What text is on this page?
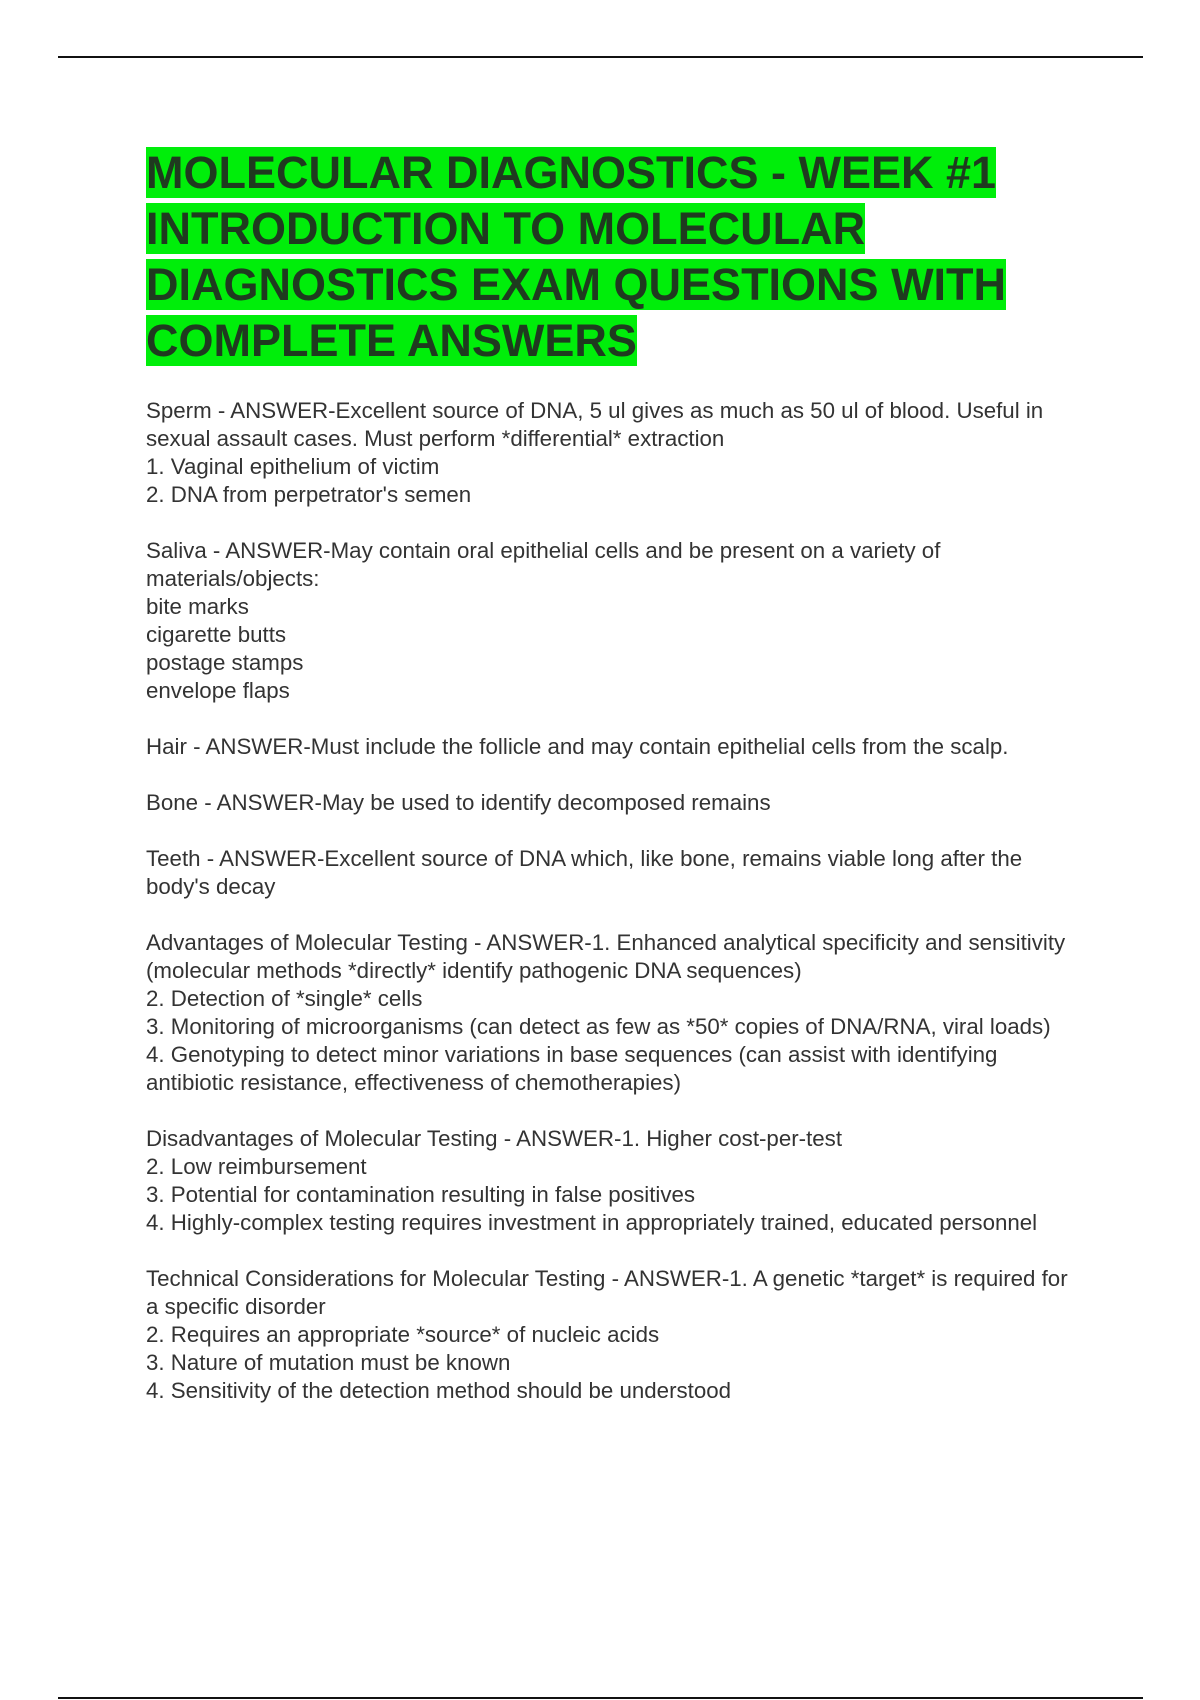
MOLECULAR DIAGNOSTICS - WEEK #1 INTRODUCTION TO MOLECULAR DIAGNOSTICS EXAM QUESTIONS WITH COMPLETE ANSWERS

Sperm - ANSWER-Excellent source of DNA, 5 ul gives as much as 50 ul of blood. Useful in sexual assault cases. Must perform *differential* extraction

1. Vaginal epithelium of victim

2. DNA from perpetrator's semen

Saliva - ANSWER-May contain oral epithelial cells and be present on a variety of materials/objects:

bite marks

cigarette butts

postage stamps

envelope flaps

Hair - ANSWER-Must include the follicle and may contain epithelial cells from the scalp.

Bone - ANSWER-May be used to identify decomposed remains

Teeth - ANSWER-Excellent source of DNA which, like bone, remains viable long after the body's decay

Advantages of Molecular Testing - ANSWER-1. Enhanced analytical specificity and sensitivity (molecular methods *directly* identify pathogenic DNA sequences)

2. Detection of *single* cells

3. Monitoring of microorganisms (can detect as few as *50* copies of DNA/RNA, viral loads)

4. Genotyping to detect minor variations in base sequences (can assist with identifying antibiotic resistance, effectiveness of chemotherapies)

Disadvantages of Molecular Testing - ANSWER-1. Higher cost-per-test

2. Low reimbursement

3. Potential for contamination resulting in false positives

4. Highly-complex testing requires investment in appropriately trained, educated personnel

Technical Considerations for Molecular Testing - ANSWER-1. A genetic *target* is required for a specific disorder

2. Requires an appropriate *source* of nucleic acids

3. Nature of mutation must be known

4. Sensitivity of the detection method should be understood
